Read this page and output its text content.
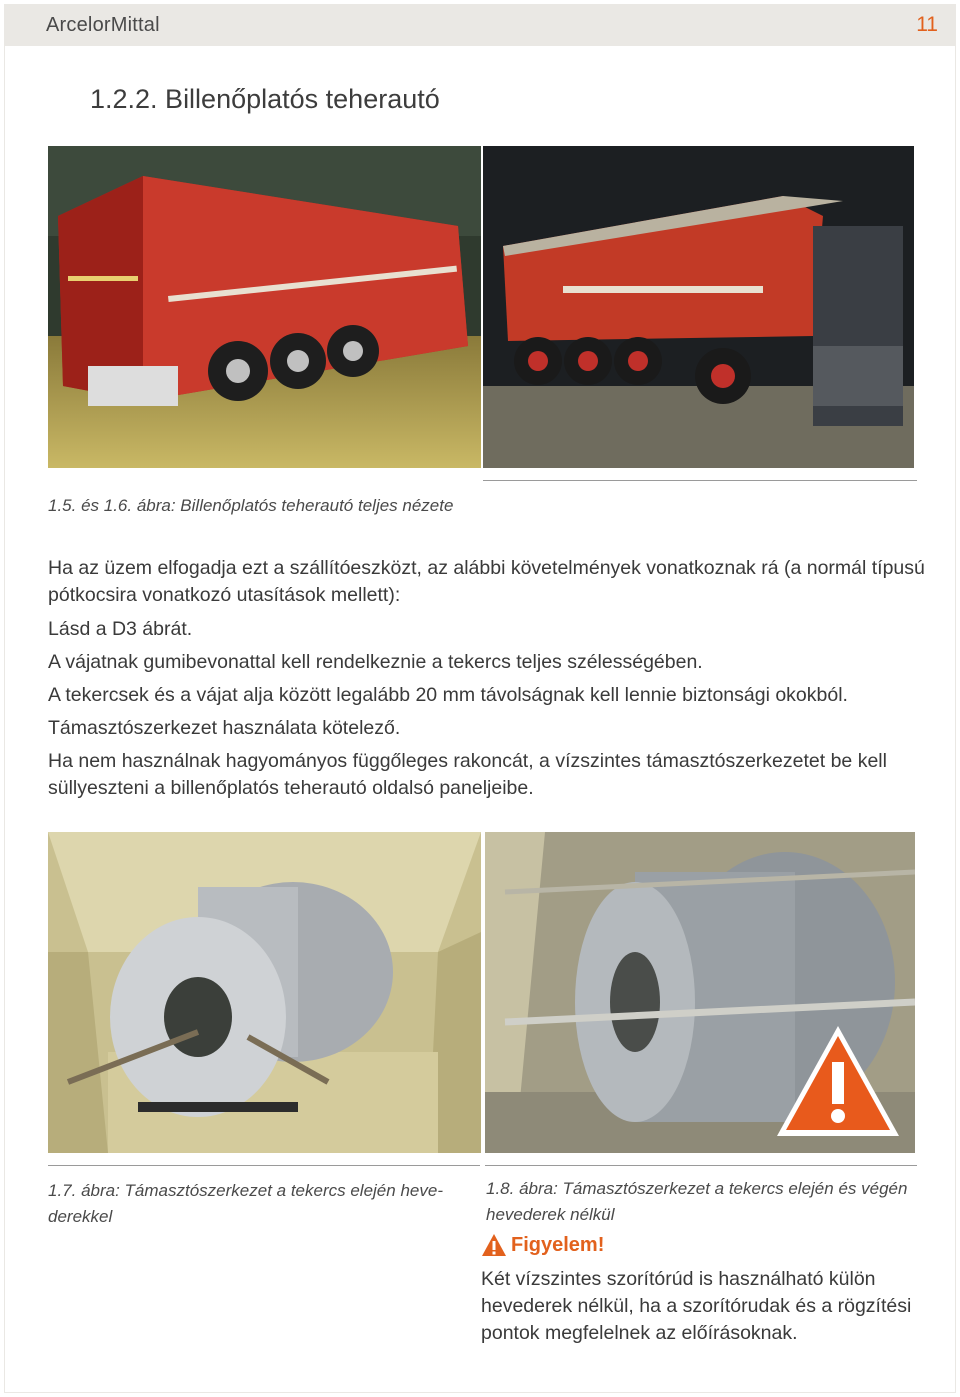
ArcelorMittal	11
1.2.2. Billenőplatós teherautó
1.5. és 1.6. ábra: Billenőplatós teherautó teljes nézete

Ha az üzem elfogadja ezt a szállítóeszközt, az alábbi követelmények vonatkoznak rá (a normál típusú pótkocsira vonatkozó utasítások mellett):

Lásd a D3 ábrát.

A vájatnak gumibevonattal kell rendelkeznie a tekercs teljes szélességében.

A tekercsek és a vájat alja között legalább 20 mm távolságnak kell lennie biztonsági okokból.

Támasztószerkezet használata kötelező.

Ha nem használnak hagyományos függőleges rakoncát, a vízszintes támasztószerkezetet be kell süllyeszteni a billenőplatós teherautó oldalsó paneljeibe.

1.7. ábra: Támasztószerkezet a tekercs elején hevederekkel
1.8. ábra: Támasztószerkezet a tekercs elején és végén hevederek nélkül
Figyelem!
Két vízszintes szorítórúd is használható külön hevederek nélkül, ha a szorítórudak és a rögzítési pontok megfelelnek az előírásoknak.
